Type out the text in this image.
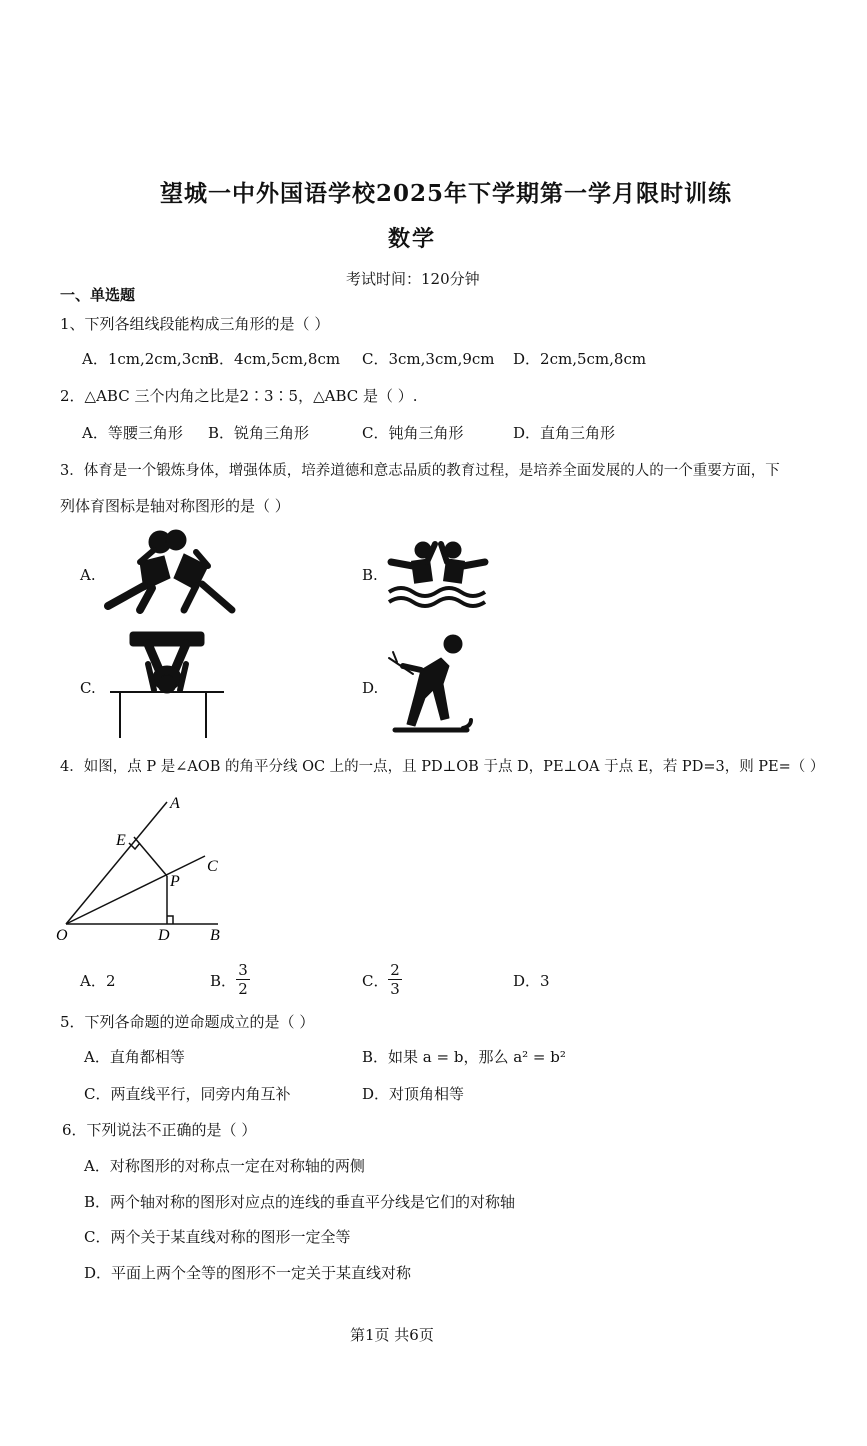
望城一中外国语学校2025年下学期第一学月限时训练
数学
考试时间：120分钟
一、单选题
1、下列各组线段能构成三角形的是（ ）
A．1cm,2cm,3cm
B．4cm,5cm,8cm C．3cm,3cm,9cm D．2cm,5cm,8cm
2．△ABC 三个内角之比是2∶3∶5，△ABC 是（ ）.
A．等腰三角形 B．锐角三角形	C．钝角三角形	D．直角三角形
3．体育是一个锻炼身体，增强体质，培养道德和意志品质的教育过程，是培养全面发展的人的一个重要方面，下
列体育图标是轴对称图形的是（ ）
A.	B.
C.	D.
4．如图，点 P 是∠AOB 的角平分线 OC 上的一点，且 PD⊥OB 于点 D，PE⊥OA 于点 E，若 PD=3，则 PE=（ ）
A
C
E
P
O	D	B
A． 2	B．
3
2	C．
2
3	D． 3
5．下列各命题的逆命题成立的是（ ）
A．直角都相等	B．如果 a = b，那么 a² = b²
C．两直线平行，同旁内角互补	D．对顶角相等
6．下列说法不正确的是（ ）
A．对称图形的对称点一定在对称轴的两侧
B．两个轴对称的图形对应点的连线的垂直平分线是它们的对称轴
C．两个关于某直线对称的图形一定全等
D．平面上两个全等的图形不一定关于某直线对称
第1页 共6页
